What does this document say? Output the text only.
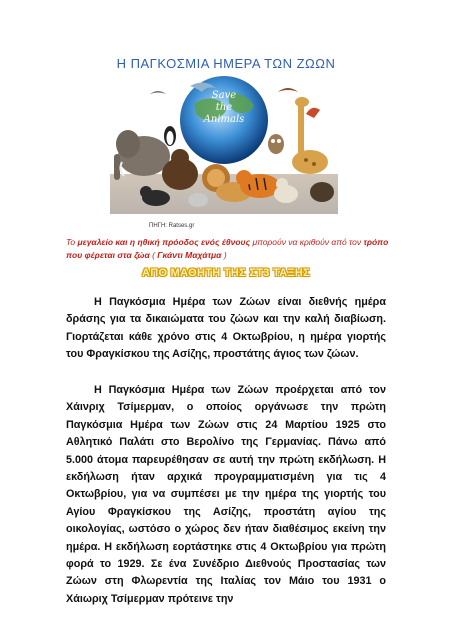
Η ΠΑΓΚΟΣΜΙΑ ΗΜΕΡΑ ΤΩΝ ΖΩΩΝ
Save
the
Animals
ΠΗΓΗ: Ratses.gr
Το μεγαλείο και η ηθική πρόοδος ενός έθνους μπορούν να κριθούν από τον τρόπο που φέρεται στα ζώα ( Γκάντι Μαχάτμα )
ΑΠΟ ΜΑΘΗΤΗ ΤΗΣ ΣΤ3 ΤΑΞΗΣ
Η Παγκόσμια Ημέρα των Ζώων είναι διεθνής ημέρα δράσης για τα δικαιώματα του ζώων και την καλή διαβίωση. Γιορτάζεται κάθε χρόνο στις 4 Οκτωβρίου, η ημέρα γιορτής του Φραγκίσκου της Ασίζης, προστάτης άγιος των ζώων.
Η Παγκόσμια Ημέρα των Ζώων προέρχεται από τον Χάινριχ Τσίμερμαν, ο οποίος οργάνωσε την πρώτη Παγκόσμια Ημέρα των Ζώων στις 24 Μαρτίου 1925 στο Αθλητικό Παλάτι στο Βερολίνο της Γερμανίας. Πάνω από 5.000 άτομα παρευρέθησαν σε αυτή την πρώτη εκδήλωση. Η εκδήλωση ήταν αρχικά προγραμματισμένη για τις 4 Οκτωβρίου, για να συμπέσει με την ημέρα της γιορτής του Αγίου Φραγκίσκου της Ασίζης, προστάτη αγίου της οικολογίας, ωστόσο ο χώρος δεν ήταν διαθέσιμος εκείνη την ημέρα. Η εκδήλωση εορτάστηκε στις 4 Οκτωβρίου για πρώτη φορά το 1929. Σε ένα Συνέδριο Διεθνούς Προστασίας των Ζώων στη Φλωρεντία της Ιταλίας τον Μάιο του 1931 ο Χάιωριχ Τσίμερμαν πρότεινε την
